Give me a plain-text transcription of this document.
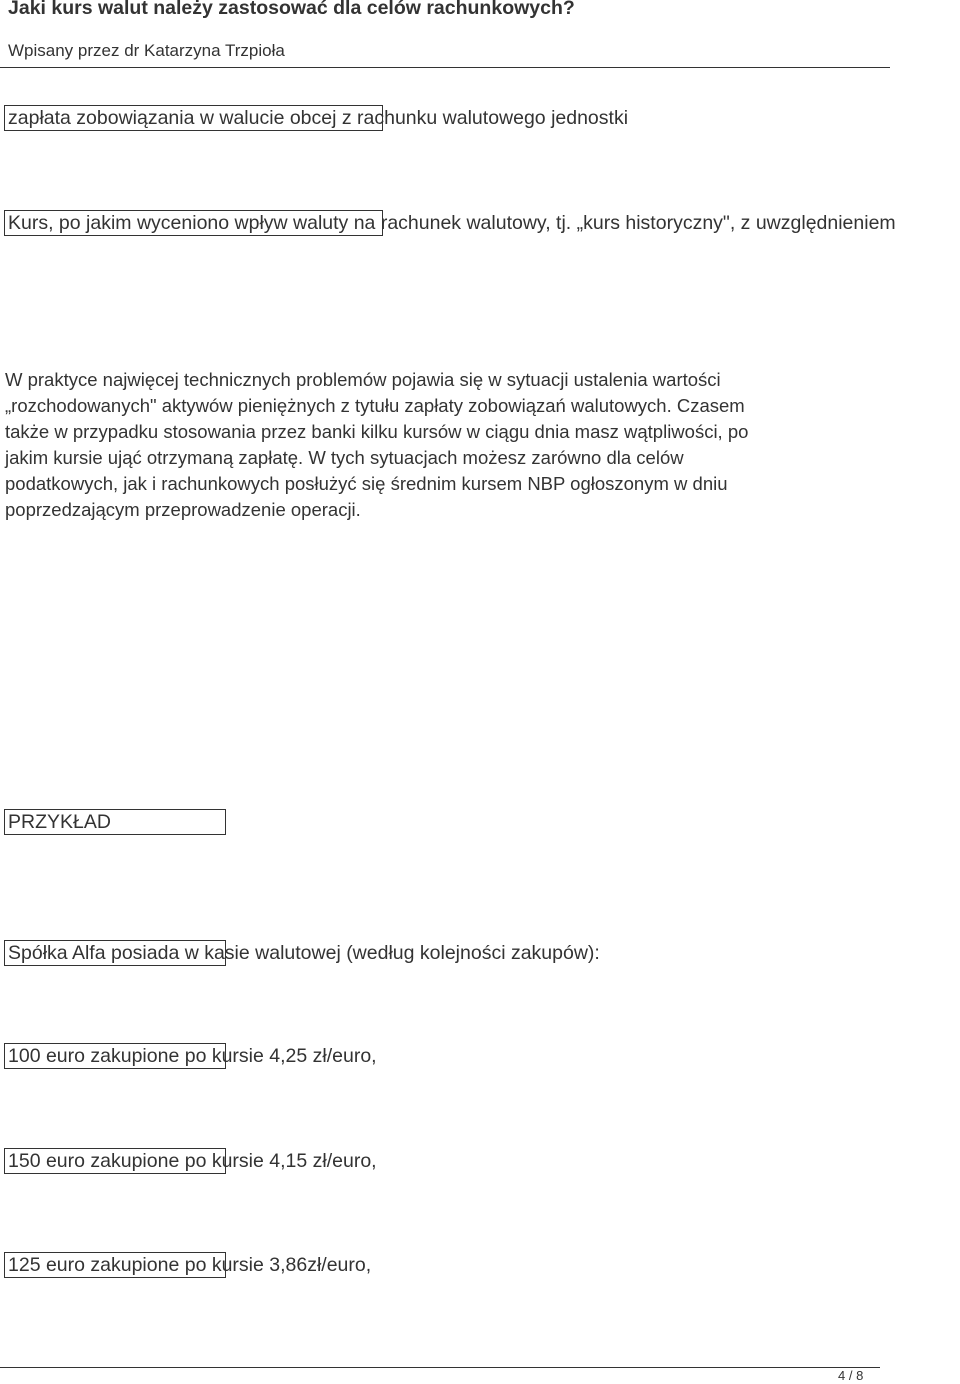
Jaki kurs walut należy zastosować dla celów rachunkowych?
Wpisany przez dr Katarzyna Trzpioła
zapłata zobowiązania w walucie obcej z rachunku walutowego jednostki
Kurs, po jakim wyceniono wpływ waluty na rachunek walutowy, tj. „kurs historyczny", z uwzględnieniem
W praktyce najwięcej technicznych problemów pojawia się w sytuacji ustalenia wartości
„rozchodowanych" aktywów pieniężnych z tytułu zapłaty zobowiązań walutowych. Czasem
także w przypadku stosowania przez banki kilku kursów w ciągu dnia masz wątpliwości, po
jakim kursie ująć otrzymaną zapłatę. W tych sytuacjach możesz zarówno dla celów
podatkowych, jak i rachunkowych posłużyć się średnim kursem NBP ogłoszonym w dniu
poprzedzającym przeprowadzenie operacji.
PRZYKŁAD
Spółka Alfa posiada w kasie walutowej (według kolejności zakupów):
100 euro zakupione po kursie 4,25 zł/euro,
150 euro zakupione po kursie 4,15 zł/euro,
125 euro zakupione po kursie 3,86zł/euro,
4 / 8
